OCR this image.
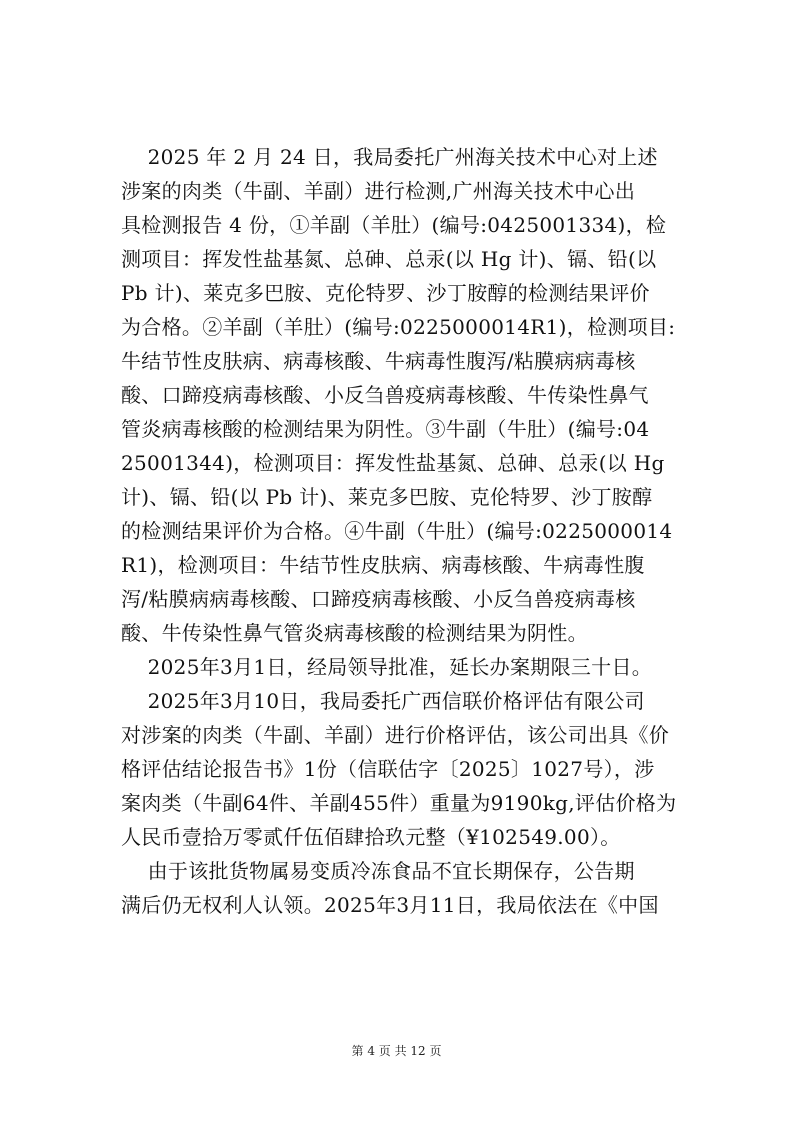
2025 年 2 月 24 日，我局委托广州海关技术中心对上述
涉案的肉类（牛副、羊副）进行检测,广州海关技术中心出
具检测报告 4 份，①羊副（羊肚）(编号:0425001334)，检
测项目：挥发性盐基氮、总砷、总汞(以 Hg 计)、镉、铅(以
Pb 计)、莱克多巴胺、克伦特罗、沙丁胺醇的检测结果评价
为合格。②羊副（羊肚）(编号:0225000014R1)，检测项目:
牛结节性皮肤病、病毒核酸、牛病毒性腹泻/粘膜病病毒核
酸、口蹄疫病毒核酸、小反刍兽疫病毒核酸、牛传染性鼻气
管炎病毒核酸的检测结果为阴性。③牛副（牛肚）(编号:04
25001344)，检测项目：挥发性盐基氮、总砷、总汞(以 Hg
计)、镉、铅(以 Pb 计)、莱克多巴胺、克伦特罗、沙丁胺醇
的检测结果评价为合格。④牛副（牛肚）(编号:0225000014
R1)，检测项目：牛结节性皮肤病、病毒核酸、牛病毒性腹
泻/粘膜病病毒核酸、口蹄疫病毒核酸、小反刍兽疫病毒核
酸、牛传染性鼻气管炎病毒核酸的检测结果为阴性。
2025年3月1日，经局领导批准，延长办案期限三十日。
2025年3月10日，我局委托广西信联价格评估有限公司
对涉案的肉类（牛副、羊副）进行价格评估，该公司出具《价
格评估结论报告书》1份（信联估字〔2025〕1027号），涉
案肉类（牛副64件、羊副455件）重量为9190kg,评估价格为
人民币壹拾万零贰仟伍佰肆拾玖元整（¥102549.00）。
由于该批货物属易变质冷冻食品不宜长期保存，公告期
满后仍无权利人认领。2025年3月11日，我局依法在《中国
第 4 页 共 12 页
